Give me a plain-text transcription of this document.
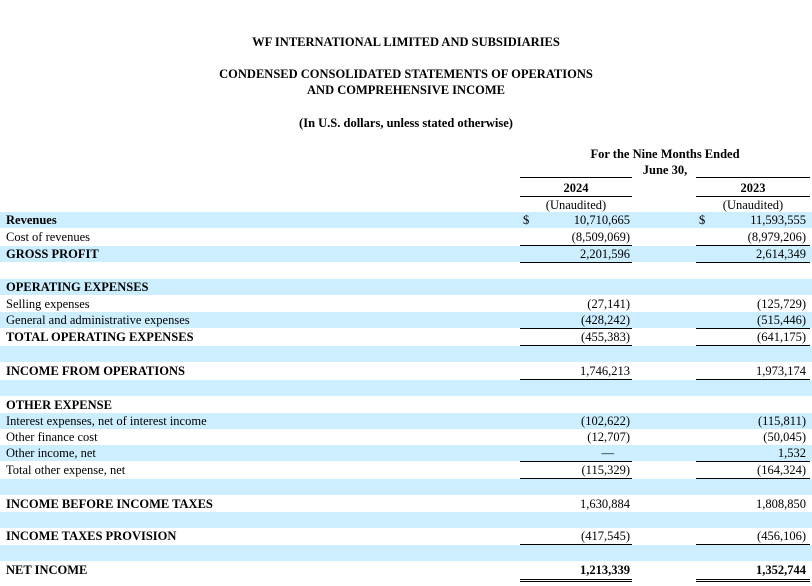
WF INTERNATIONAL LIMITED AND SUBSIDIARIES
CONDENSED CONSOLIDATED STATEMENTS OF OPERATIONS
AND COMPREHENSIVE INCOME
(In U.S. dollars, unless stated otherwise)
For the Nine Months Ended
June 30,
2024	2023
(Unaudited)	(Unaudited)
Revenues	$	10,710,665	$	11,593,555
Cost of revenues	(8,509,069)	(8,979,206)
GROSS PROFIT	2,201,596	2,614,349
OPERATING EXPENSES
Selling expenses	(27,141)	(125,729)
General and administrative expenses	(428,242)	(515,446)
TOTAL OPERATING EXPENSES	(455,383)	(641,175)
INCOME FROM OPERATIONS	1,746,213	1,973,174
OTHER EXPENSE
Interest expenses, net of interest income	(102,622)	(115,811)
Other finance cost	(12,707)	(50,045)
Other income, net	—	1,532
Total other expense, net	(115,329)	(164,324)
INCOME BEFORE INCOME TAXES	1,630,884	1,808,850
INCOME TAXES PROVISION	(417,545)	(456,106)
NET INCOME	1,213,339	1,352,744
